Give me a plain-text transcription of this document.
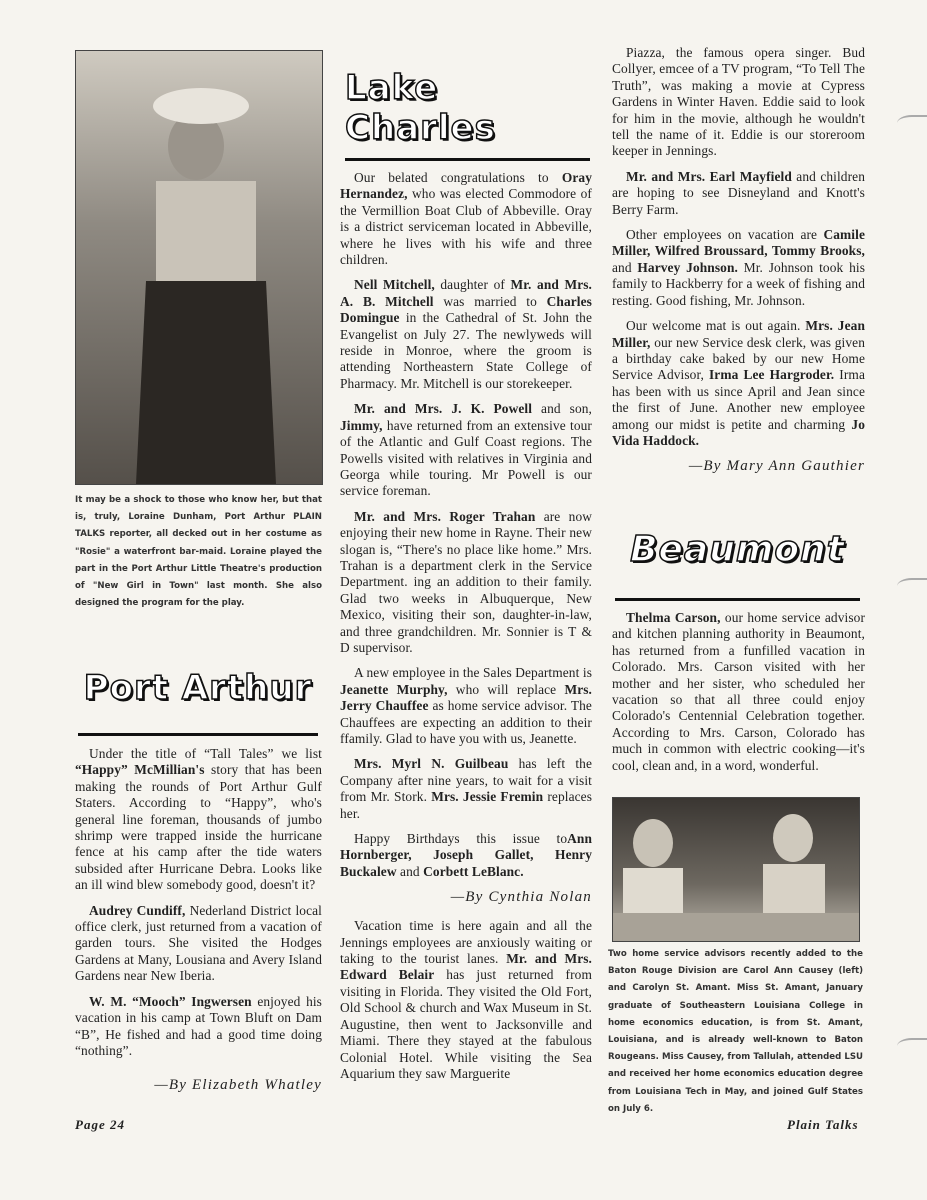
It may be a shock to those who know her, but that is, truly, Loraine Dunham, Port Arthur PLAIN TALKS reporter, all decked out in her costume as "Rosie" a waterfront bar-maid. Loraine played the part in the Port Arthur Little Theatre's production of "New Girl in Town" last month. She also designed the program for the play.

Port Arthur

Under the title of “Tall Tales” we list “Happy” McMillian's story that has been making the rounds of Port Arthur Gulf Staters. According to “Happy”, who's general line foreman, thousands of jumbo shrimp were trapped inside the hurricane fence at his camp after the tide waters subsided after Hurricane Debra. Looks like an ill wind blew somebody good, doesn't it?

Audrey Cundiff, Nederland District local office clerk, just returned from a vacation of garden tours. She visited the Hodges Gardens at Many, Lousiana and Avery Island Gardens near New Iberia.

W. M. “Mooch” Ingwersen enjoyed his vacation in his camp at Town Bluft on Dam “B”, He fished and had a good time doing “nothing”.

—By Elizabeth Whatley
Lake Charles

Our belated congratulations to Oray Hernandez, who was elected Commodore of the Vermillion Boat Club of Abbeville. Oray is a district serviceman located in Abbeville, where he lives with his wife and three children.

Nell Mitchell, daughter of Mr. and Mrs. A. B. Mitchell was married to Charles Domingue in the Cathedral of St. John the Evangelist on July 27. The newlyweds will reside in Monroe, where the groom is attending Northeastern State College of Pharmacy. Mr. Mitchell is our storekeeper.

Mr. and Mrs. J. K. Powell and son, Jimmy, have returned from an extensive tour of the Atlantic and Gulf Coast regions. The Powells visited with relatives in Virginia and Georga while touring. Mr Powell is our service foreman.

Mr. and Mrs. Roger Trahan are now enjoying their new home in Rayne. Their new slogan is, “There's no place like home.” Mrs. Trahan is a department clerk in the Service Department. ing an addition to their family. Glad two weeks in Albuquerque, New Mexico, visiting their son, daughter-in-law, and three grandchildren. Mr. Sonnier is T & D supervisor.

A new employee in the Sales Department is Jeanette Murphy, who will replace Mrs. Jerry Chauffee as home service advisor. The Chauffees are expecting an addition to their ffamily. Glad to have you with us, Jeanette.

Mrs. Myrl N. Guilbeau has left the Company after nine years, to wait for a visit from Mr. Stork. Mrs. Jessie Fremin replaces her.

Happy Birthdays this issue toAnn Hornberger, Joseph Gallet, Henry Buckalew and Corbett LeBlanc.

—By Cynthia Nolan

Vacation time is here again and all the Jennings employees are anxiously waiting or taking to the tourist lanes. Mr. and Mrs. Edward Belair has just returned from visiting in Florida. They visited the Old Fort, Old School & church and Wax Museum in St. Augustine, then went to Jacksonville and Miami. There they stayed at the fabulous Colonial Hotel. While visiting the Sea Aquarium they saw Marguerite

Piazza, the famous opera singer. Bud Collyer, emcee of a TV program, “To Tell The Truth”, was making a movie at Cypress Gardens in Winter Haven. Eddie said to look for him in the movie, although he wouldn't tell the name of it. Eddie is our storeroom keeper in Jennings.

Mr. and Mrs. Earl Mayfield and children are hoping to see Disneyland and Knott's Berry Farm.

Other employees on vacation are Camile Miller, Wilfred Broussard, Tommy Brooks, and Harvey Johnson. Mr. Johnson took his family to Hackberry for a week of fishing and resting. Good fishing, Mr. Johnson.

Our welcome mat is out again. Mrs. Jean Miller, our new Service desk clerk, was given a birthday cake baked by our new Home Service Advisor, Irma Lee Hargroder. Irma has been with us since April and Jean since the first of June. Another new employee among our midst is petite and charming Jo Vida Haddock.

—By Mary Ann Gauthier
Beaumont

Thelma Carson, our home service advisor and kitchen planning authority in Beaumont, has returned from a funfilled vacation in Colorado. Mrs. Carson visited with her mother and her sister, who scheduled her vacation so that all three could enjoy Colorado's Centennial Celebration together. According to Mrs. Carson, Colorado has much in common with electric cooking—it's cool, clean and, in a word, wonderful.

Two home service advisors recently added to the Baton Rouge Division are Carol Ann Causey (left) and Carolyn St. Amant. Miss St. Amant, January graduate of Southeastern Louisiana College in home economics education, is from St. Amant, Louisiana, and is already well-known to Baton Rougeans. Miss Causey, from Tallulah, attended LSU and received her home economics education degree from Louisiana Tech in May, and joined Gulf States on July 6.

Page 24	Plain Talks
